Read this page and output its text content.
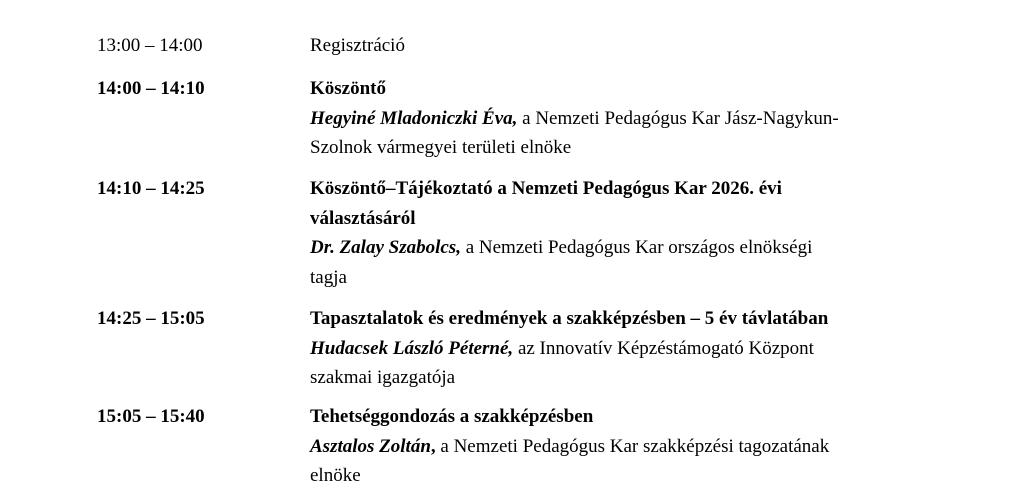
13:00 – 14:00	Regisztráció
14:00 – 14:10	Köszöntő
Hegyiné Mladoniczki Éva, a Nemzeti Pedagógus Kar Jász-Nagykun-
Szolnok vármegyei területi elnöke
14:10 – 14:25	Köszöntő–Tájékoztató a Nemzeti Pedagógus Kar 2026. évi
választásáról
Dr. Zalay Szabolcs, a Nemzeti Pedagógus Kar országos elnökségi
tagja
14:25 – 15:05	Tapasztalatok és eredmények a szakképzésben – 5 év távlatában
Hudacsek László Péterné, az Innovatív Képzéstámogató Központ
szakmai igazgatója
15:05 – 15:40	Tehetséggondozás a szakképzésben
Asztalos Zoltán, a Nemzeti Pedagógus Kar szakképzési tagozatának
elnöke
